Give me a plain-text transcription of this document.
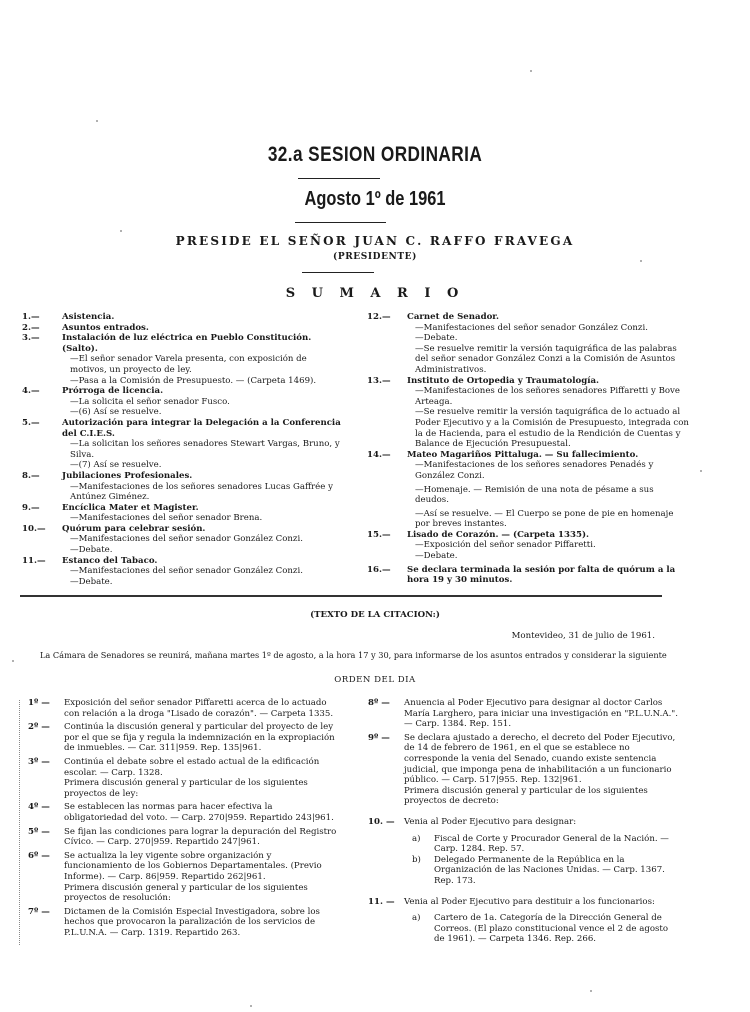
32.a SESION ORDINARIA
Agosto 1º de 1961
PRESIDE EL SEÑOR JUAN C. RAFFO FRAVEGA
(PRESIDENTE)
S U M A R I O
1.—	Asistencia.
2.—	Asuntos entrados.
3.—	Instalación de luz eléctrica en Pueblo Constitución. (Salto).
—El señor senador Varela presenta, con exposición de motivos, un proyecto de ley.
—Pasa a la Comisión de Presupuesto. — (Carpeta 1469).
4.—	Prórroga de licencia.
—La solicita el señor senador Fusco.
—(6) Así se resuelve.
5.—	Autorización para integrar la Delegación a la Conferencia del C.I.E.S.
—La solicitan los señores senadores Stewart Vargas, Bruno, y Silva.
—(7) Así se resuelve.
8.—	Jubilaciones Profesionales.
—Manifestaciones de los señores senadores Lucas Gaffrée y Antúnez Giménez.
9.—	Encíclica Mater et Magister.
—Manifestaciones del señor senador Brena.
10.— Quórum para celebrar sesión.
—Manifestaciones del señor senador González Conzi.
—Debate.
11.— Estanco del Tabaco.
—Manifestaciones del señor senador González Conzi.
—Debate.
12.— Carnet de Senador.
—Manifestaciones del señor senador González Conzi.
—Debate.
—Se resuelve remitir la versión taquigráfica de las palabras del señor senador González Conzi a la Comisión de Asuntos Administrativos.
13.— Instituto de Ortopedia y Traumatología.
—Manifestaciones de los señores senadores Piffaretti y Bove Arteaga.
—Se resuelve remitir la versión taquigráfica de lo actuado al Poder Ejecutivo y a la Comisión de Presupuesto, integrada con la de Hacienda, para el estudio de la Rendición de Cuentas y Balance de Ejecución Presupuestal.
14.— Mateo Magariños Pittaluga. — Su fallecimiento.
—Manifestaciones de los señores senadores Penadés y González Conzi.
—Homenaje. — Remisión de una nota de pésame a sus deudos.
—Así se resuelve. — El Cuerpo se pone de pie en homenaje por breves instantes.
15.— Lisado de Corazón. — (Carpeta 1335).
—Exposición del señor senador Piffaretti.
—Debate.
16.— Se declara terminada la sesión por falta de quórum a la hora 19 y 30 minutos.
(TEXTO DE LA CITACION:)
Montevideo, 31 de julio de 1961.
La Cámara de Senadores se reunirá, mañana martes 1º de agosto, a la hora 17 y 30, para informarse de los asuntos entrados y considerar la siguiente
ORDEN DEL DIA
1º —	Exposición del señor senador Piffaretti acerca de lo actuado con relación a la droga "Lisado de corazón". — Carpeta 1335.
2º —	Continúa la discusión general y particular del proyecto de ley por el que se fija y regula la indemnización en la expropiación de inmuebles. — Car. 311|959. Rep. 135|961.
3º —	Continúa el debate sobre el estado actual de la edificación escolar. — Carp. 1328.
Primera discusión general y particular de los siguientes proyectos de ley:
4º —	Se establecen las normas para hacer efectiva la obligatoriedad del voto. — Carp. 270|959. Repartido 243|961.
5º —	Se fijan las condiciones para lograr la depuración del Registro Cívico. — Carp. 270|959. Repartido 247|961.
6º —	Se actualiza la ley vigente sobre organización y funcionamiento de los Gobiernos Departamentales. (Previo Informe). — Carp. 86|959. Repartido 262|961.
Primera discusión general y particular de los siguientes proyectos de resolución:
7º —	Dictamen de la Comisión Especial Investigadora, sobre los hechos que provocaron la paralización de los servicios de P.L.U.N.A. — Carp. 1319. Repartido 263.
8º —	Anuencia al Poder Ejecutivo para designar al doctor Carlos María Larghero, para iniciar una investigación en "P.L.U.N.A.". — Carp. 1384. Rep. 151.
9º —	Se declara ajustado a derecho, el decreto del Poder Ejecutivo, de 14 de febrero de 1961, en el que se establece no corresponde la venia del Senado, cuando existe sentencia judicial, que imponga pena de inhabilitación a un funcionario público. — Carp. 517|955. Rep. 132|961.
Primera discusión general y particular de los siguientes proyectos de decreto:
10. —	Venia al Poder Ejecutivo para designar:
a) Fiscal de Corte y Procurador General de la Nación. — Carp. 1284. Rep. 57.
b) Delegado Permanente de la República en la Organización de las Naciones Unidas. — Carp. 1367. Rep. 173.
11. —	Venia al Poder Ejecutivo para destituir a los funcionarios:
a) Cartero de 1a. Categoría de la Dirección General de Correos. (El plazo constitucional vence el 2 de agosto de 1961). — Carpeta 1346. Rep. 266.
